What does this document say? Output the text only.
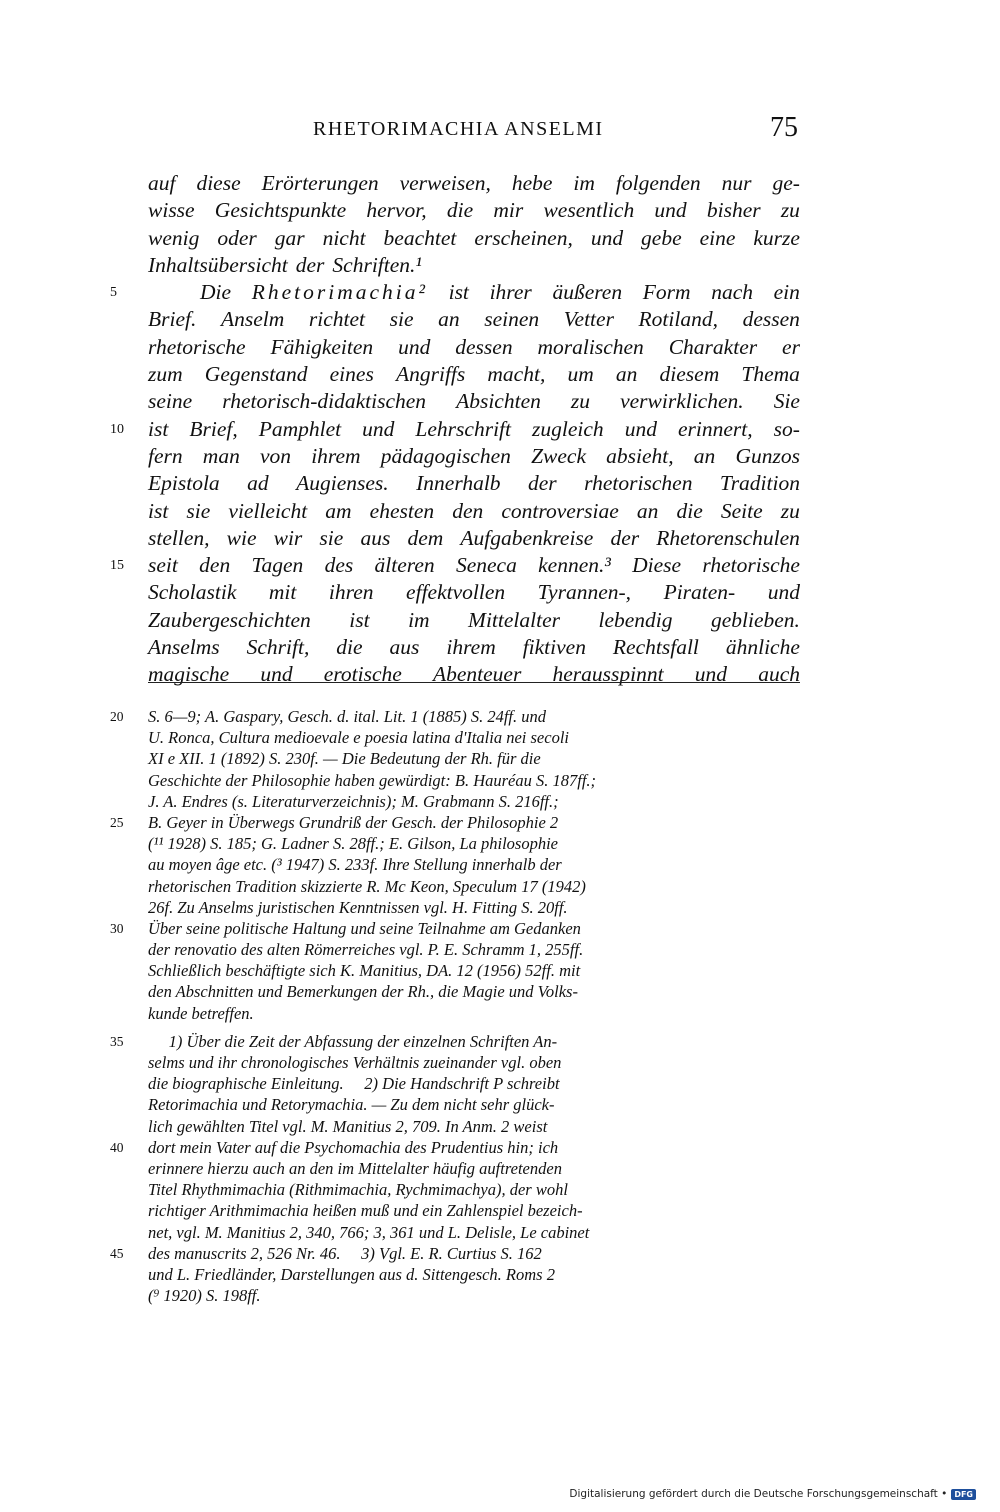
RHETORIMACHIA ANSELMI	75
auf diese Erörterungen verweisen, hebe im folgenden nur ge-
wisse Gesichtspunkte hervor, die mir wesentlich und bisher zu
wenig oder gar nicht beachtet erscheinen, und gebe eine kurze
Inhaltsübersicht der Schriften.¹
5	Die Rhetorimachia² ist ihrer äußeren Form nach ein
Brief. Anselm richtet sie an seinen Vetter Rotiland, dessen
rhetorische Fähigkeiten und dessen moralischen Charakter er
zum Gegenstand eines Angriffs macht, um an diesem Thema
seine rhetorisch-didaktischen Absichten zu verwirklichen. Sie
10 ist Brief, Pamphlet und Lehrschrift zugleich und erinnert, so-
fern man von ihrem pädagogischen Zweck absieht, an Gunzos
Epistola ad Augienses. Innerhalb der rhetorischen Tradition
ist sie vielleicht am ehesten den controversiae an die Seite zu
stellen, wie wir sie aus dem Aufgabenkreise der Rhetorenschulen
15 seit den Tagen des älteren Seneca kennen.³ Diese rhetorische
Scholastik mit ihren effektvollen Tyrannen-, Piraten- und
Zaubergeschichten ist im Mittelalter lebendig geblieben.
Anselms Schrift, die aus ihrem fiktiven Rechtsfall ähnliche
magische und erotische Abenteuer herausspinnt und auch
20 S. 6—9; A. Gaspary, Gesch. d. ital. Lit. 1 (1885) S. 24ff. und
U. Ronca, Cultura medioevale e poesia latina d'Italia nei secoli
XI e XII. 1 (1892) S. 230f. — Die Bedeutung der Rh. für die
Geschichte der Philosophie haben gewürdigt: B. Hauréau S. 187ff.;
J. A. Endres (s. Literaturverzeichnis); M. Grabmann S. 216ff.;
25 B. Geyer in Überwegs Grundriß der Gesch. der Philosophie 2
(¹¹ 1928) S. 185; G. Ladner S. 28ff.; E. Gilson, La philosophie
au moyen âge etc. (³ 1947) S. 233f. Ihre Stellung innerhalb der
rhetorischen Tradition skizzierte R. Mc Keon, Speculum 17 (1942)
26f. Zu Anselms juristischen Kenntnissen vgl. H. Fitting S. 20ff.
30 Über seine politische Haltung und seine Teilnahme am Gedanken
der renovatio des alten Römerreiches vgl. P. E. Schramm 1, 255ff.
Schließlich beschäftigte sich K. Manitius, DA. 12 (1956) 52ff. mit
den Abschnitten und Bemerkungen der Rh., die Magie und Volks-
kunde betreffen.
35 1) Über die Zeit der Abfassung der einzelnen Schriften An-
selms und ihr chronologisches Verhältnis zueinander vgl. oben
die biographische Einleitung.     2) Die Handschrift P schreibt
Retorimachia und Retorymachia. — Zu dem nicht sehr glück-
lich gewählten Titel vgl. M. Manitius 2, 709. In Anm. 2 weist
40 dort mein Vater auf die Psychomachia des Prudentius hin; ich
erinnere hierzu auch an den im Mittelalter häufig auftretenden
Titel Rhythmimachia (Rithmimachia, Rychmimachya), der wohl
richtiger Arithmimachia heißen muß und ein Zahlenspiel bezeich-
net, vgl. M. Manitius 2, 340, 766; 3, 361 und L. Delisle, Le cabinet
45 des manuscrits 2, 526 Nr. 46.     3) Vgl. E. R. Curtius S. 162
und L. Friedländer, Darstellungen aus d. Sittengesch. Roms 2
(⁹ 1920) S. 198ff.
Digitalisierung gefördert durch die Deutsche Forschungsgemeinschaft • DFG
